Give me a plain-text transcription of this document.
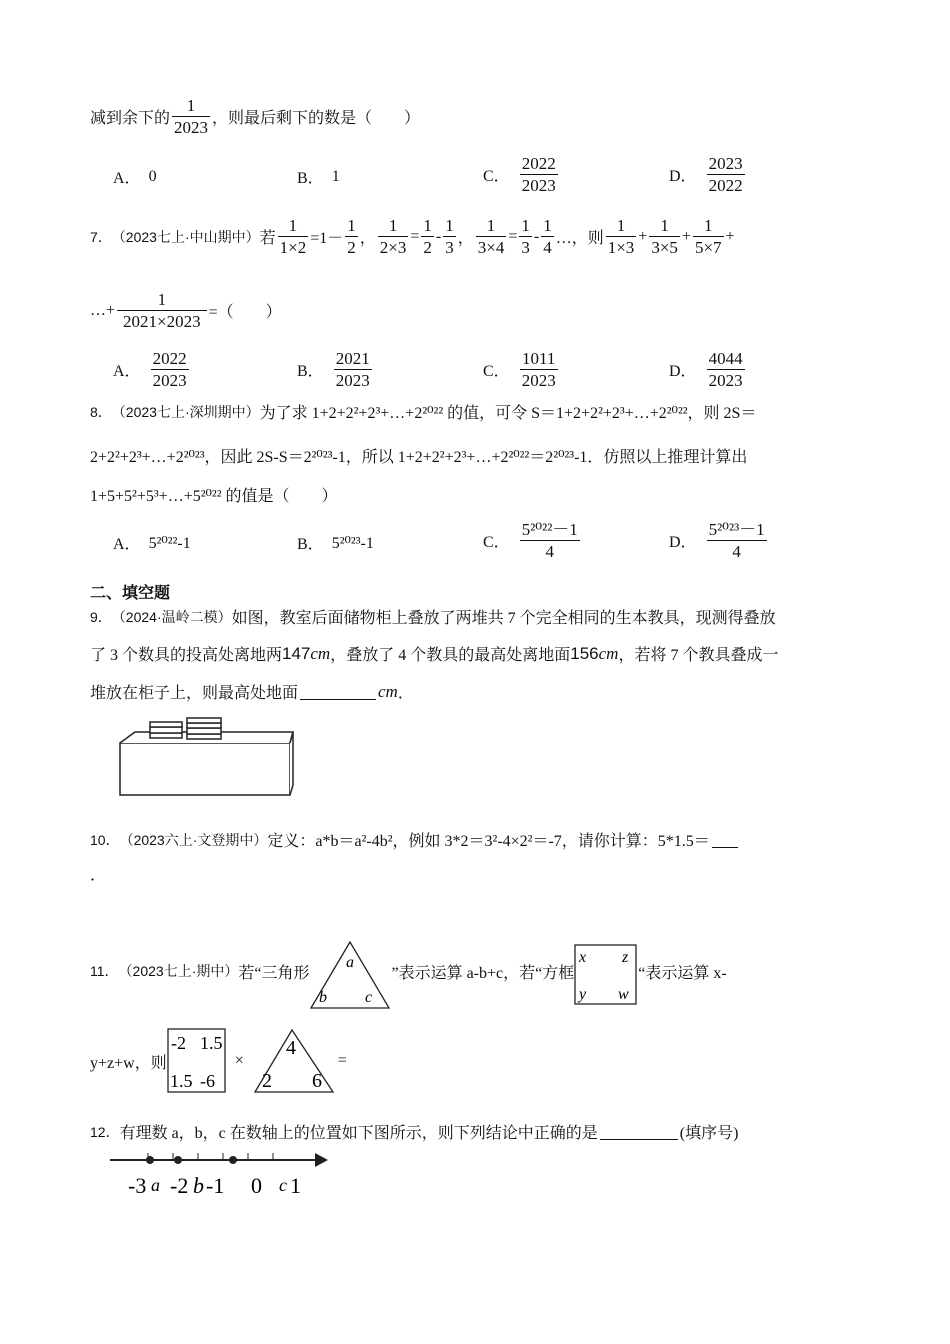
减到余下的 $\frac{1}{2023}$ ，则最后剩下的数是（　　）
A． 0	B． 1	C． $\frac{2022}{2023}$	D． $\frac{2023}{2022}$
7． （2023七上·中山期中） 若 $\frac{1}{1\times 2} =1- \frac{1}{2}$ ， $\frac{1}{2\times 3} = \frac{1}{2} - \frac{1}{3}$ ， $\frac{1}{3\times 4} = \frac{1}{3} - \frac{1}{4}$ …，则 $\frac{1}{1\times 3} + \frac{1}{3\times 5} + \frac{1}{5\times 7}$ +
…+ $\frac{1}{2021\times 2023}$ =（　　）
A． $\frac{2022}{2023}$	B． $\frac{2021}{2023}$	C． $\frac{1011}{2023}$	D． $\frac{4044}{2023}$
8． （2023七上·深圳期中） 为了求 1+2+2²+2³+…+2²⁰²² 的值，可令 S＝1+2+2²+2³+…+2²⁰²²，则 2S＝
2+2²+2³+…+2²⁰²³，因此 2S-S＝2²⁰²³-1，所以 1+2+2²+2³+…+2²⁰²²＝2²⁰²³-1．仿照以上推理计算出
1+5+5²+5³+…+5²⁰²² 的值是（　　）
A． 5²⁰²²-1	B． 5²⁰²³-1	C． $\frac{\text{5²⁰²²－1}}{4}$	D． $\frac{\text{5²⁰²³－1}}{4}$
二、填空题
9． （2024·温岭二模） 如图，教室后面储物柜上叠放了两堆共 7 个完全相同的生本教具，现测得叠放
了 3 个数具的投高处离地两 147 cm ，叠放了 4 个教具的最高处离地面 156 cm ，若将 7 个教具叠成一
堆放在柜子上，则最高处地面	cm ．
10． （2023六上·文登期中） 定义：a*b＝a²-4b²，例如 3*2＝3²-4×2²＝-7，请你计算：5*1.5＝
．
11． （2023七上·期中） 若“三角形
a
b c
”表示运算 a-b+c，若“方框
x z
y w
“表示运算 x-
y+z+w，则
-2 1.5
1.5 -6
×
4
2 6
=
12． 有理数 a，b，c 在数轴上的位置如下图所示，则下列结论中正确的是	(填序号)
-3 a -2 b -1 0 c 1
